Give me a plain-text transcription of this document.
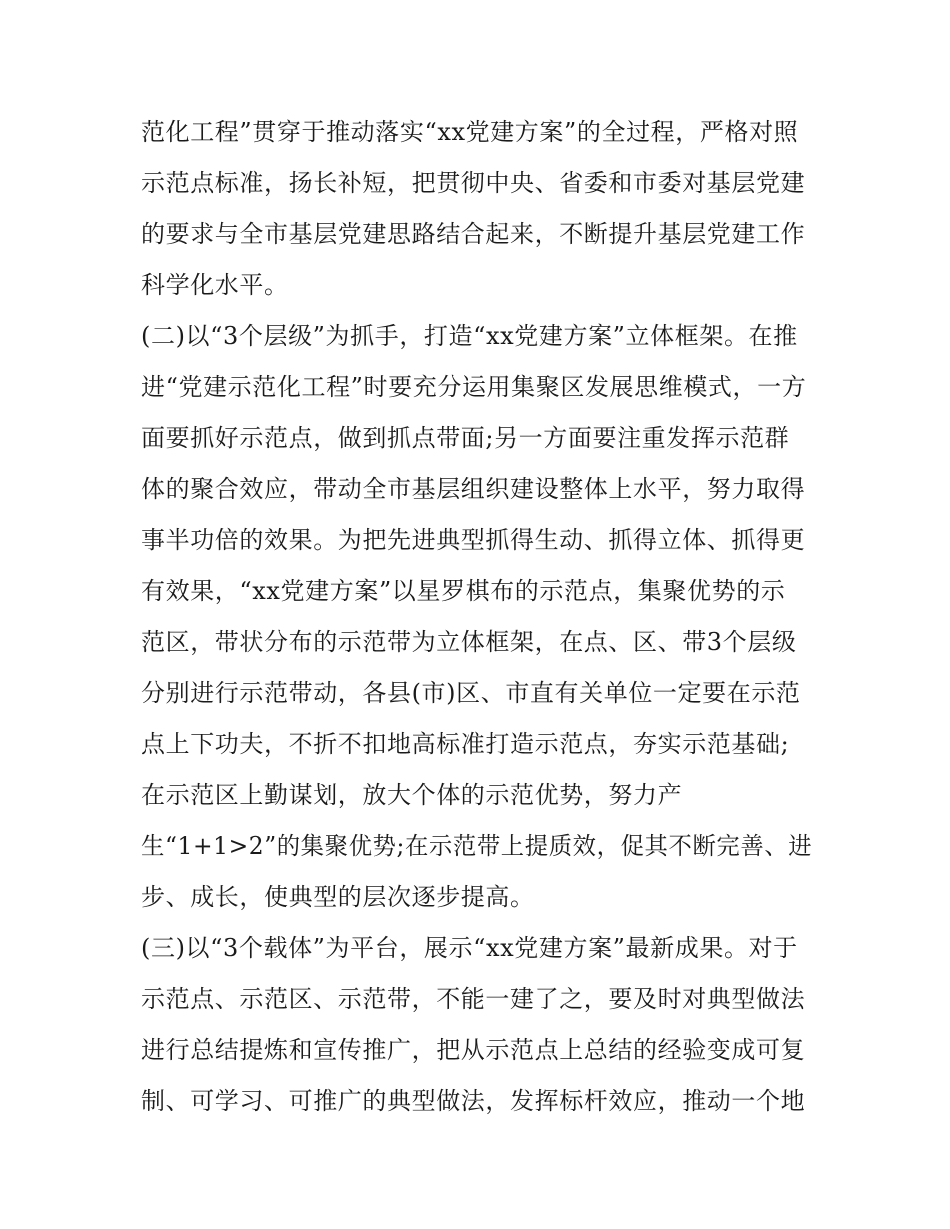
范化工程”贯穿于推动落实“xx党建方案”的全过程，严格对照
示范点标准，扬长补短，把贯彻中央、省委和市委对基层党建
的要求与全市基层党建思路结合起来，不断提升基层党建工作
科学化水平。
(二)以“3个层级”为抓手，打造“xx党建方案”立体框架。在推
进“党建示范化工程”时要充分运用集聚区发展思维模式，一方
面要抓好示范点，做到抓点带面;另一方面要注重发挥示范群
体的聚合效应，带动全市基层组织建设整体上水平，努力取得
事半功倍的效果。为把先进典型抓得生动、抓得立体、抓得更
有效果，“xx党建方案”以星罗棋布的示范点，集聚优势的示
范区，带状分布的示范带为立体框架，在点、区、带3个层级
分别进行示范带动，各县(市)区、市直有关单位一定要在示范
点上下功夫，不折不扣地高标准打造示范点，夯实示范基础;
在示范区上勤谋划，放大个体的示范优势，努力产
生“1+1>2”的集聚优势;在示范带上提质效，促其不断完善、进
步、成长，使典型的层次逐步提高。
(三)以“3个载体”为平台，展示“xx党建方案”最新成果。对于
示范点、示范区、示范带，不能一建了之，要及时对典型做法
进行总结提炼和宣传推广，把从示范点上总结的经验变成可复
制、可学习、可推广的典型做法，发挥标杆效应，推动一个地
